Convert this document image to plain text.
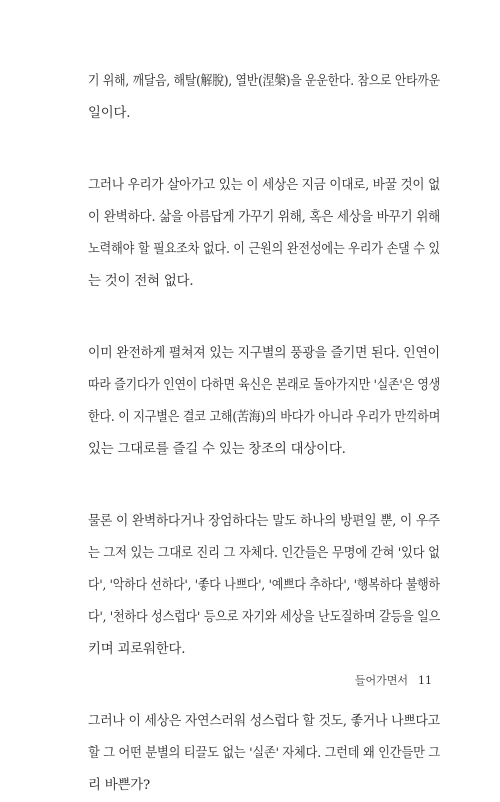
기 위해, 깨달음, 해탈(解脫), 열반(涅槃)을 운운한다. 참으로 안타까운
일이다.
그러나 우리가 살아가고 있는 이 세상은 지금 이대로, 바꿀 것이 없
이 완벽하다. 삶을 아름답게 가꾸기 위해, 혹은 세상을 바꾸기 위해
노력해야 할 필요조차 없다. 이 근원의 완전성에는 우리가 손댈 수 있
는 것이 전혀 없다.
이미 완전하게 펼쳐져 있는 지구별의 풍광을 즐기면 된다. 인연이
따라 즐기다가 인연이 다하면 육신은 본래로 돌아가지만 '실존'은 영생
한다. 이 지구별은 결코 고해(苦海)의 바다가 아니라 우리가 만끽하며
있는 그대로를 즐길 수 있는 창조의 대상이다.
물론 이 완벽하다거나 장엄하다는 말도 하나의 방편일 뿐, 이 우주
는 그저 있는 그대로 진리 그 자체다. 인간들은 무명에 갇혀 '있다 없
다', '악하다 선하다', '좋다 나쁘다', '예쁘다 추하다', '행복하다 불행하
다', '천하다 성스럽다' 등으로 자기와 세상을 난도질하며 갈등을 일으
키며 괴로워한다.
그러나 이 세상은 자연스러워 성스럽다 할 것도, 좋거나 나쁘다고
할 그 어떤 분별의 티끌도 없는 '실존' 자체다. 그런데 왜 인간들만 그
리 바쁜가?
들어가면서 11
